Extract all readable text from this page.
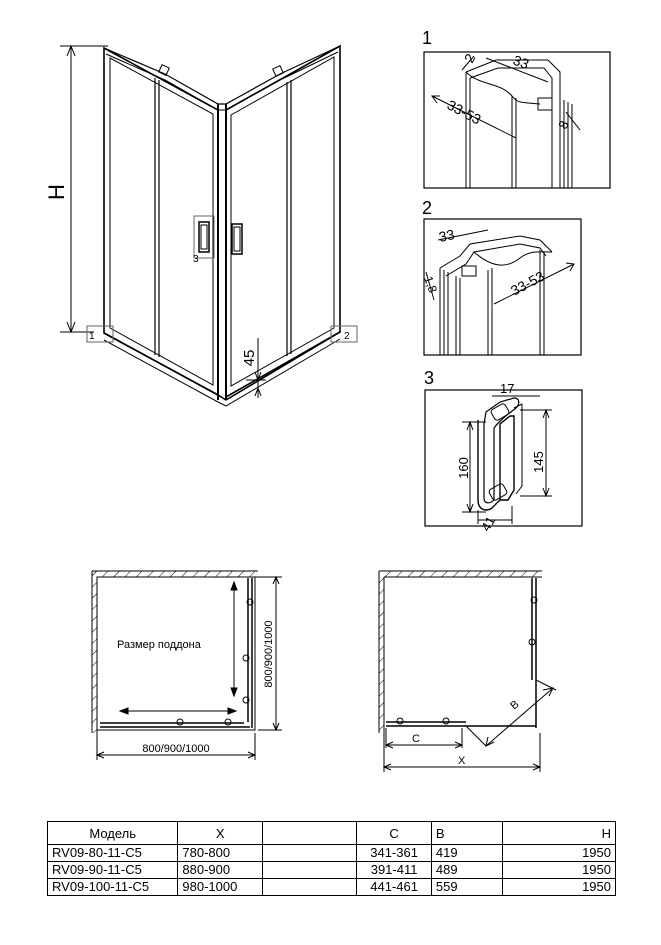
H
3
1	2
45
1
2 33
33-53	8
2
33
1,8	33-53
3
17
160	145
41
Размер поддона
800/900/1000
800/900/1000
C
B
X
Модель	X		C	B	H
RV09-80-11-C5	780-800		341-361	419	1950
RV09-90-11-C5	880-900		391-411	489	1950
RV09-100-11-C5	980-1000		441-461	559	1950
